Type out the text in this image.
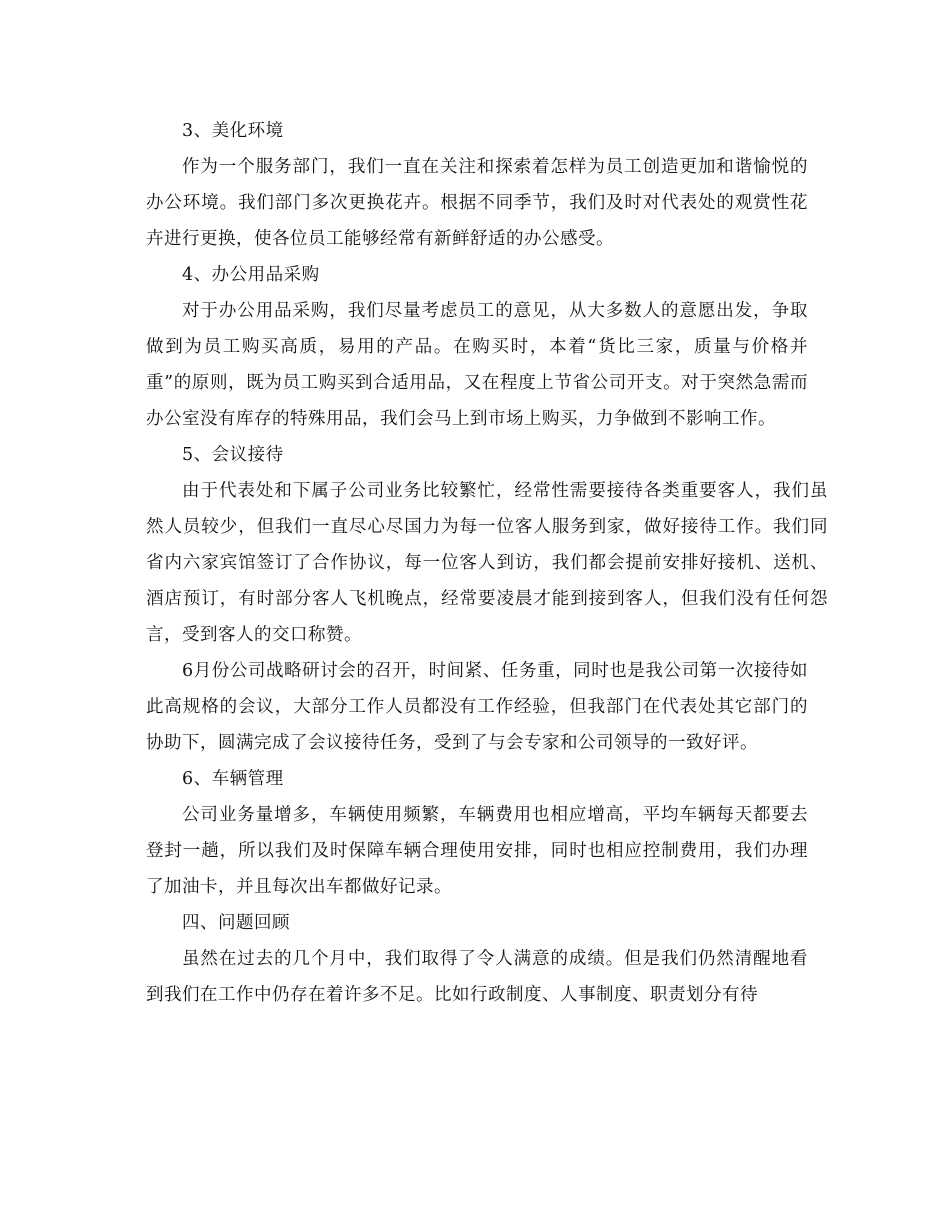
3、美化环境

作为一个服务部门，我们一直在关注和探索着怎样为员工创造更加和谐愉悦的办公环境。我们部门多次更换花卉。根据不同季节，我们及时对代表处的观赏性花卉进行更换，使各位员工能够经常有新鲜舒适的办公感受。

4、办公用品采购

对于办公用品采购，我们尽量考虑员工的意见，从大多数人的意愿出发，争取做到为员工购买高质，易用的产品。在购买时，本着“货比三家，质量与价格并重”的原则，既为员工购买到合适用品，又在程度上节省公司开支。对于突然急需而办公室没有库存的特殊用品，我们会马上到市场上购买，力争做到不影响工作。

5、会议接待

由于代表处和下属子公司业务比较繁忙，经常性需要接待各类重要客人，我们虽然人员较少，但我们一直尽心尽国力为每一位客人服务到家，做好接待工作。我们同省内六家宾馆签订了合作协议，每一位客人到访，我们都会提前安排好接机、送机、酒店预订，有时部分客人飞机晚点，经常要凌晨才能到接到客人，但我们没有任何怨言，受到客人的交口称赞。

6月份公司战略研讨会的召开，时间紧、任务重，同时也是我公司第一次接待如此高规格的会议，大部分工作人员都没有工作经验，但我部门在代表处其它部门的协助下，圆满完成了会议接待任务，受到了与会专家和公司领导的一致好评。

6、车辆管理

公司业务量增多，车辆使用频繁，车辆费用也相应增高，平均车辆每天都要去登封一趟，所以我们及时保障车辆合理使用安排，同时也相应控制费用，我们办理了加油卡，并且每次出车都做好记录。

四、问题回顾

虽然在过去的几个月中，我们取得了令人满意的成绩。但是我们仍然清醒地看到我们在工作中仍存在着许多不足。比如行政制度、人事制度、职责划分有待
